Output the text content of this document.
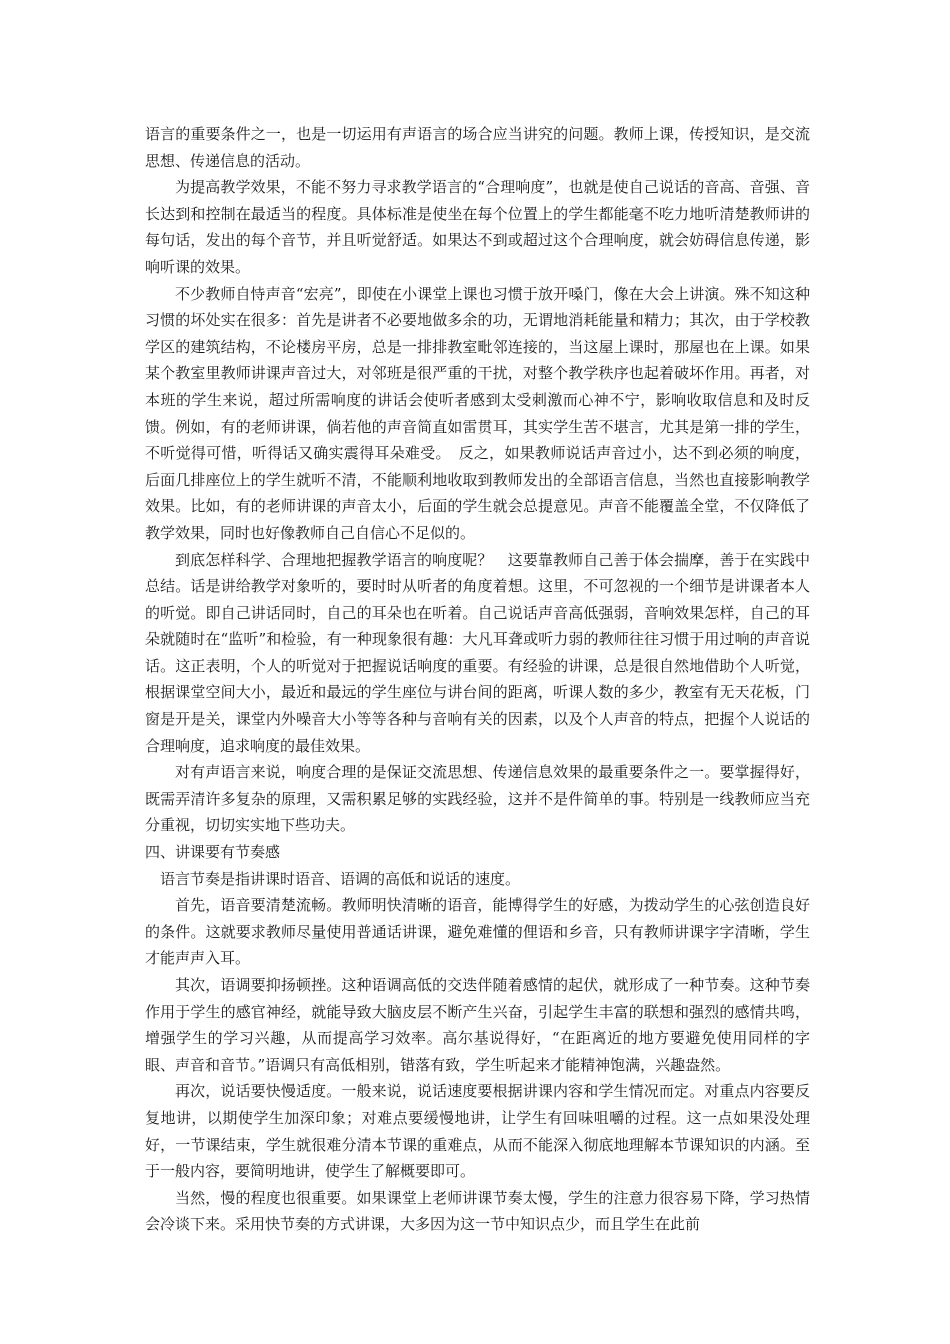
语言的重要条件之一，也是一切运用有声语言的场合应当讲究的问题。教师上课，传授知识，是交流思想、传递信息的活动。

为提高教学效果，不能不努力寻求教学语言的“合理响度”，也就是使自己说话的音高、音强、音长达到和控制在最适当的程度。具体标准是使坐在每个位置上的学生都能毫不吃力地听清楚教师讲的每句话，发出的每个音节，并且听觉舒适。如果达不到或超过这个合理响度，就会妨碍信息传递，影响听课的效果。

不少教师自恃声音“宏亮”，即使在小课堂上课也习惯于放开嗓门，像在大会上讲演。殊不知这种习惯的坏处实在很多：首先是讲者不必要地做多余的功，无谓地消耗能量和精力；其次，由于学校教学区的建筑结构，不论楼房平房，总是一排排教室毗邻连接的，当这屋上课时，那屋也在上课。如果某个教室里教师讲课声音过大，对邻班是很严重的干扰，对整个教学秩序也起着破坏作用。再者，对本班的学生来说，超过所需响度的讲话会使听者感到太受刺激而心神不宁，影响收取信息和及时反馈。例如，有的老师讲课，倘若他的声音简直如雷贯耳，其实学生苦不堪言，尤其是第一排的学生，不听觉得可惜，听得话又确实震得耳朵难受。　反之，如果教师说话声音过小，达不到必须的响度，后面几排座位上的学生就听不清，不能顺利地收取到教师发出的全部语言信息，当然也直接影响教学效果。比如，有的老师讲课的声音太小，后面的学生就会总提意见。声音不能覆盖全堂，不仅降低了教学效果，同时也好像教师自己自信心不足似的。

到底怎样科学、合理地把握教学语言的响度呢？　这要靠教师自己善于体会揣摩，善于在实践中总结。话是讲给教学对象听的，要时时从听者的角度着想。这里，不可忽视的一个细节是讲课者本人的听觉。即自己讲话同时，自己的耳朵也在听着。自己说话声音高低强弱，音响效果怎样，自己的耳朵就随时在“监听”和检验，有一种现象很有趣：大凡耳聋或听力弱的教师往往习惯于用过响的声音说话。这正表明，个人的听觉对于把握说话响度的重要。有经验的讲课，总是很自然地借助个人听觉，根据课堂空间大小，最近和最远的学生座位与讲台间的距离，听课人数的多少，教室有无天花板，门窗是开是关，课堂内外噪音大小等等各种与音响有关的因素，以及个人声音的特点，把握个人说话的合理响度，追求响度的最佳效果。

对有声语言来说，响度合理的是保证交流思想、传递信息效果的最重要条件之一。要掌握得好，既需弄清许多复杂的原理，又需积累足够的实践经验，这并不是件简单的事。特别是一线教师应当充分重视，切切实实地下些功夫。

四、讲课要有节奏感

语言节奏是指讲课时语音、语调的高低和说话的速度。

首先，语音要清楚流畅。教师明快清晰的语音，能博得学生的好感，为拨动学生的心弦创造良好的条件。这就要求教师尽量使用普通话讲课，避免难懂的俚语和乡音，只有教师讲课字字清晰，学生才能声声入耳。

其次，语调要抑扬顿挫。这种语调高低的交迭伴随着感情的起伏，就形成了一种节奏。这种节奏作用于学生的感官神经，就能导致大脑皮层不断产生兴奋，引起学生丰富的联想和强烈的感情共鸣，增强学生的学习兴趣，从而提高学习效率。高尔基说得好，“在距离近的地方要避免使用同样的字眼、声音和音节。”语调只有高低相别，错落有致，学生听起来才能精神饱满，兴趣盎然。

再次，说话要快慢适度。一般来说，说话速度要根据讲课内容和学生情况而定。对重点内容要反复地讲，以期使学生加深印象；对难点要缓慢地讲，让学生有回味咀嚼的过程。这一点如果没处理好，一节课结束，学生就很难分清本节课的重难点，从而不能深入彻底地理解本节课知识的内涵。至于一般内容，要简明地讲，使学生了解概要即可。

当然，慢的程度也很重要。如果课堂上老师讲课节奏太慢，学生的注意力很容易下降，学习热情会冷谈下来。采用快节奏的方式讲课，大多因为这一节中知识点少，而且学生在此前
